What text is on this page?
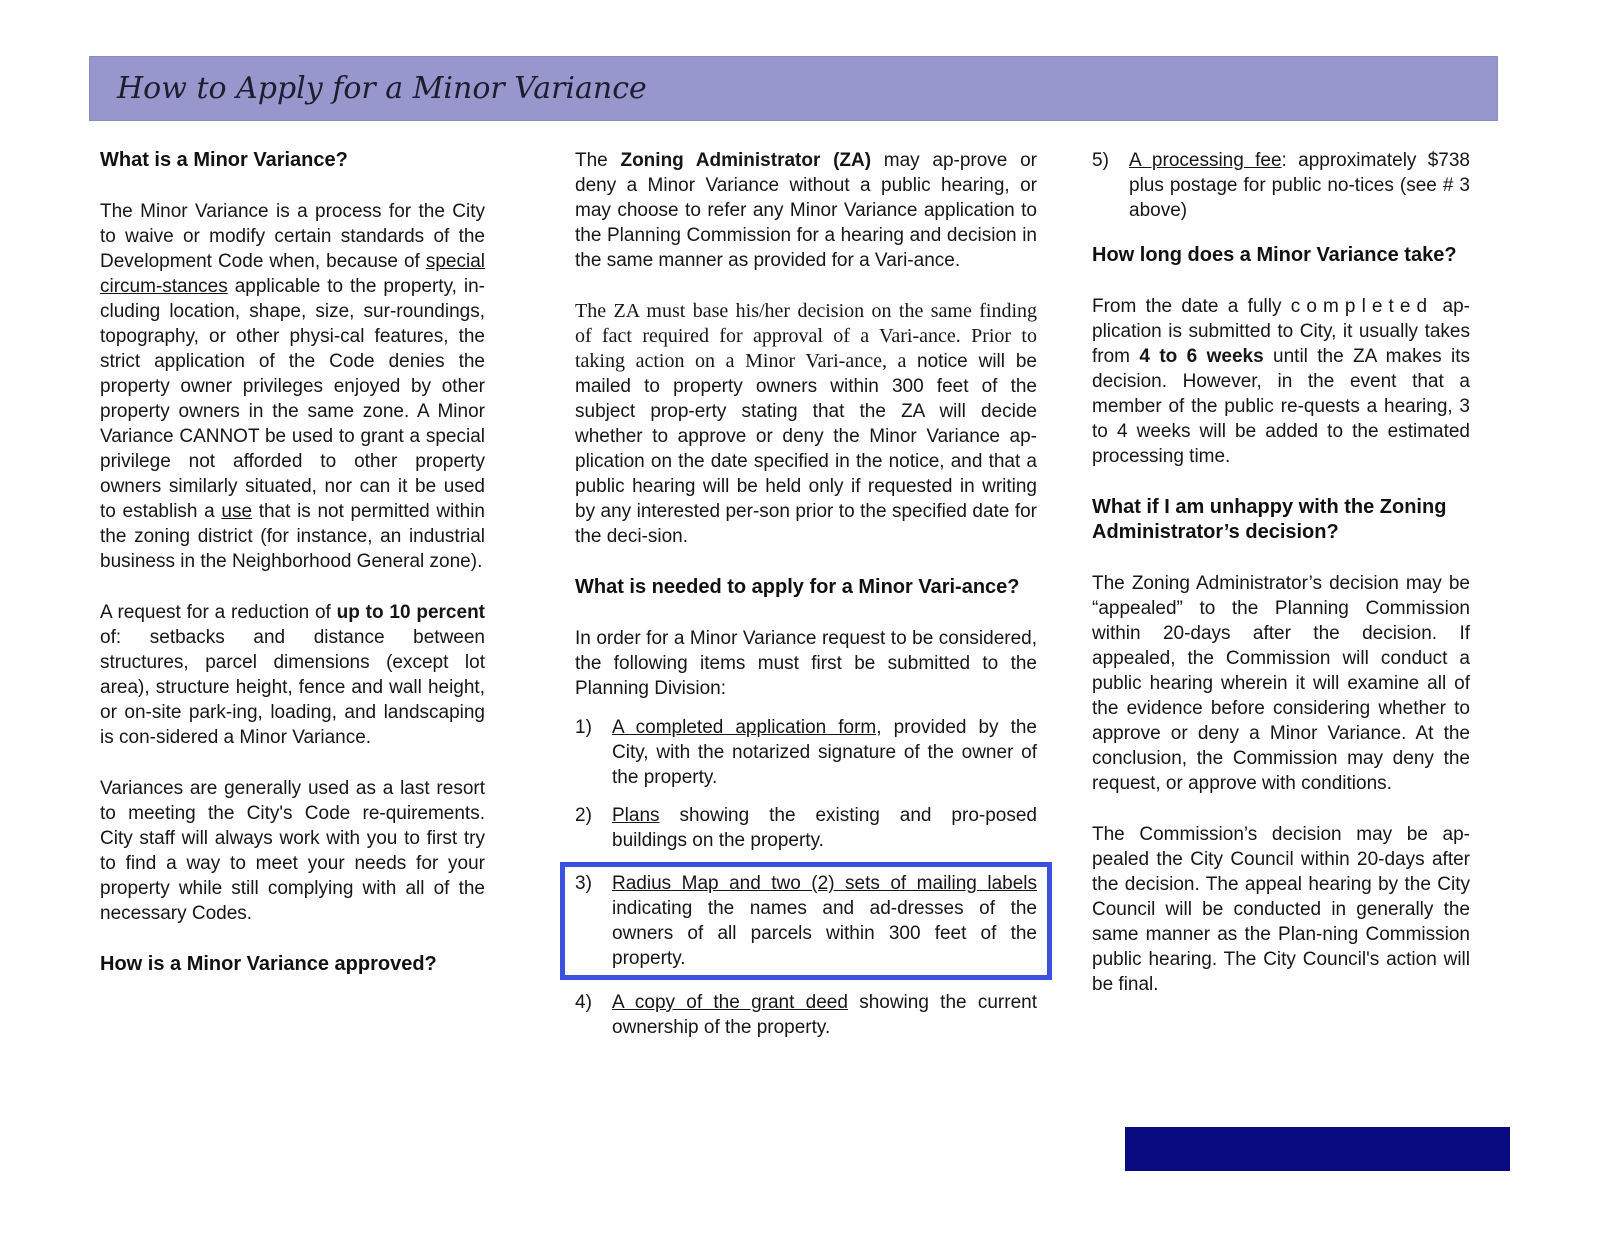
How to Apply for a Minor Variance
What is a Minor Variance?

The Minor Variance is a process for the City to waive or modify certain standards of the Development Code when, because of special circum-stances applicable to the property, in-cluding location, shape, size, sur-roundings, topography, or other physi-cal features, the strict application of the Code denies the property owner privileges enjoyed by other property owners in the same zone. A Minor Variance CANNOT be used to grant a special privilege not afforded to other property owners similarly situated, nor can it be used to establish a use that is not permitted within the zoning district (for instance, an industrial business in the Neighborhood General zone).

A request for a reduction of up to 10 percent of: setbacks and distance between structures, parcel dimensions (except lot area), structure height, fence and wall height, or on-site park-ing, loading, and landscaping is con-sidered a Minor Variance.

Variances are generally used as a last resort to meeting the City's Code re-quirements. City staff will always work with you to first try to find a way to meet your needs for your property while still complying with all of the necessary Codes.

How is a Minor Variance approved?

The Zoning Administrator (ZA) may ap-prove or deny a Minor Variance without a public hearing, or may choose to refer any Minor Variance application to the Planning Commission for a hearing and decision in the same manner as provided for a Vari-ance.

The ZA must base his/her decision on the same finding of fact required for approval of a Vari-ance. Prior to taking action on a Minor Vari-ance, a notice will be mailed to property owners within 300 feet of the subject prop-erty stating that the ZA will decide whether to approve or deny the Minor Variance ap-plication on the date specified in the notice, and that a public hearing will be held only if requested in writing by any interested per-son prior to the specified date for the deci-sion.

What is needed to apply for a Minor Vari-ance?

In order for a Minor Variance request to be considered, the following items must first be submitted to the Planning Division:

1)	A completed application form, provided by the City, with the notarized signature of the owner of the property.
2)	Plans showing the existing and pro-posed buildings on the property.
3)	Radius Map and two (2) sets of mailing labels indicating the names and ad-dresses of the owners of all parcels within 300 feet of the property.
4)	A copy of the grant deed showing the current ownership of the property.
5)	A processing fee: approximately $738 plus postage for public no-tices (see # 3 above)
How long does a Minor Variance take?

From the date a fully completed ap-plication is submitted to City, it usually takes from 4 to 6 weeks until the ZA makes its decision. However, in the event that a member of the public re-quests a hearing, 3 to 4 weeks will be added to the estimated processing time.

What if I am unhappy with the Zoning Administrator’s decision?

The Zoning Administrator’s decision may be “appealed” to the Planning Commission within 20-days after the decision. If appealed, the Commission will conduct a public hearing wherein it will examine all of the evidence before considering whether to approve or deny a Minor Variance. At the conclusion, the Commission may deny the request, or approve with conditions.

The Commission’s decision may be ap-pealed the City Council within 20-days after the decision. The appeal hearing by the City Council will be conducted in generally the same manner as the Plan-ning Commission public hearing. The City Council's action will be final.
